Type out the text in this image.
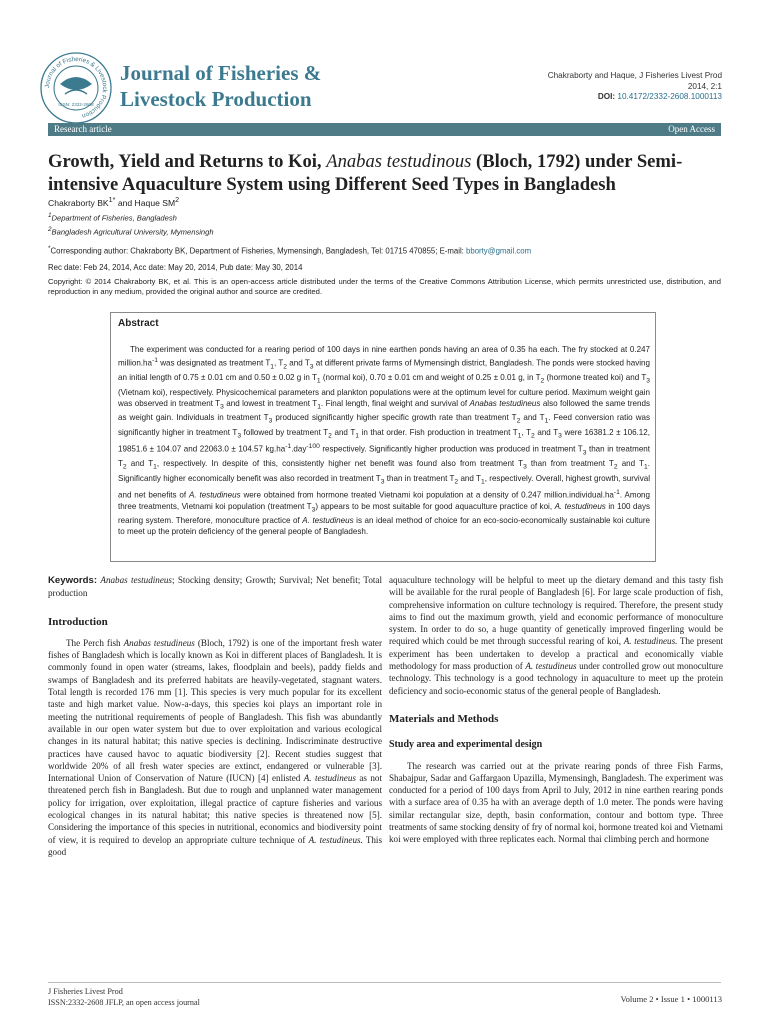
Journal of Fisheries & Livestock Production
ISSN: 2332-2608
Journal of Fisheries &
Livestock Production
Chakraborty and Haque, J Fisheries Livest Prod
2014, 2:1
DOI: 10.4172/2332-2608.1000113
Research article	Open Access
Growth, Yield and Returns to Koi, Anabas testudinous (Bloch, 1792) under Semi-intensive Aquaculture System using Different Seed Types in Bangladesh
Chakraborty $BK^{1*}$ and Haque $SM^2$
$^1$Department of Fisheries, Bangladesh
$^2$Bangladesh Agricultural University, Mymensingh
*Corresponding author: Chakraborty BK, Department of Fisheries, Mymensingh, Bangladesh, Tel: 01715 470855; E-mail: bborty@gmail.com
Rec date: Feb 24, 2014, Acc date: May 20, 2014, Pub date: May 30, 2014
Copyright: © 2014 Chakraborty BK, et al. This is an open-access article distributed under the terms of the Creative Commons Attribution License, which permits unrestricted use, distribution, and reproduction in any medium, provided the original author and source are credited.
Abstract
The experiment was conducted for a rearing period of 100 days in nine earthen ponds having an area of 0.35 ha each. The fry stocked at 0.247 $million.ha^{-1}$ was designated as treatment $T_1$, $T_2$ and $T_3$ at different private farms of Mymensingh district, Bangladesh. The ponds were stocked having an initial length of 0.75 ± 0.01 cm and 0.50 ± 0.02 g in $T_1$ (normal koi), 0.70 ± 0.01 cm and weight of 0.25 ± 0.01 g, in $T_2$ (hormone treated koi) and $T_3$ (Vietnam koi), respectively. Physicochemical parameters and plankton populations were at the optimum level for culture period. Maximum weight gain was observed in treatment $T_3$ and lowest in treatment $T_1$. Final length, final weight and survival of Anabas testudineus also followed the same trends as weight gain. Individuals in treatment $T_3$ produced significantly higher specific growth rate than treatment $T_2$ and $T_1$. Feed conversion ratio was significantly higher in treatment $T_3$ followed by treatment $T_2$ and $T_1$ in that order. Fish production in treatment $T_1$, $T_2$ and $T_3$ were 16381.2 ± 106.12, 19851.6 ± 104.07 and 22063.0 ± 104.57 $kg.ha^{-1}.day^{-100}$ respectively. Significantly higher production was produced in treatment $T_3$ than in treatment $T_2$ and $T_1$, respectively. In despite of this, consistently higher net benefit was found also from treatment $T_3$ than from treatment $T_2$ and $T_1$. Significantly higher economically benefit was also recorded in treatment $T_3$ than in treatment $T_2$ and $T_1$, respectively. Overall, highest growth, survival and net benefits of A. testudineus were obtained from hormone treated Vietnami koi population at a density of 0.247 $million.individual.ha^{-1}$. Among three treatments, Vietnami koi population (treatment $T_3$) appears to be most suitable for good aquaculture practice of koi, A. testudineus in 100 days rearing system. Therefore, monoculture practice of A. testudineus is an ideal method of choice for an eco-socio-economically sustainable koi culture to meet up the protein deficiency of the general people of Bangladesh.

Keywords: Anabas testudineus; Stocking density; Growth; Survival; Net benefit; Total production

Introduction

The Perch fish Anabas testudineus (Bloch, 1792) is one of the important fresh water fishes of Bangladesh which is locally known as Koi in different places of Bangladesh. It is commonly found in open water (streams, lakes, floodplain and beels), paddy fields and swamps of Bangladesh and its preferred habitats are heavily-vegetated, stagnant waters. Total length is recorded 176 mm [1]. This species is very much popular for its excellent taste and high market value. Now-a-days, this species koi plays an important role in meeting the nutritional requirements of people of Bangladesh. This fish was abundantly available in our open water system but due to over exploitation and various ecological changes in its natural habitat; this native species is declining. Indiscriminate destructive practices have caused havoc to aquatic biodiversity [2]. Recent studies suggest that worldwide 20% of all fresh water species are extinct, endangered or vulnerable [3]. International Union of Conservation of Nature (IUCN) [4] enlisted A. testudineus as not threatened perch fish in Bangladesh. But due to rough and unplanned water management policy for irrigation, over exploitation, illegal practice of capture fisheries and various ecological changes in its natural habitat; this native species is threatened now [5]. Considering the importance of this species in nutritional, economics and biodiversity point of view, it is required to develop an appropriate culture technique of A. testudineus. This good

aquaculture technology will be helpful to meet up the dietary demand and this tasty fish will be available for the rural people of Bangladesh [6]. For large scale production of fish, comprehensive information on culture technology is required. Therefore, the present study aims to find out the maximum growth, yield and economic performance of monoculture system. In order to do so, a huge quantity of genetically improved fingerling would be required which could be met through successful rearing of koi, A. testudineus. The present experiment has been undertaken to develop a practical and economically viable methodology for mass production of A. testudineus under controlled grow out monoculture technology. This technology is a good technology in aquaculture to meet up the protein deficiency and socio-economic status of the general people of Bangladesh.

Materials and Methods
Study area and experimental design

The research was carried out at the private rearing ponds of three Fish Farms, Shabajpur, Sadar and Gaffargaon Upazilla, Mymensingh, Bangladesh. The experiment was conducted for a period of 100 days from April to July, 2012 in nine earthen rearing ponds with a surface area of 0.35 ha with an average depth of 1.0 meter. The ponds were having similar rectangular size, depth, basin conformation, contour and bottom type. Three treatments of same stocking density of fry of normal koi, hormone treated koi and Vietnami koi were employed with three replicates each. Normal thai climbing perch and hormone

J Fisheries Livest Prod
ISSN:2332-2608 JFLP, an open access journal	Volume 2 • Issue 1 • 1000113
